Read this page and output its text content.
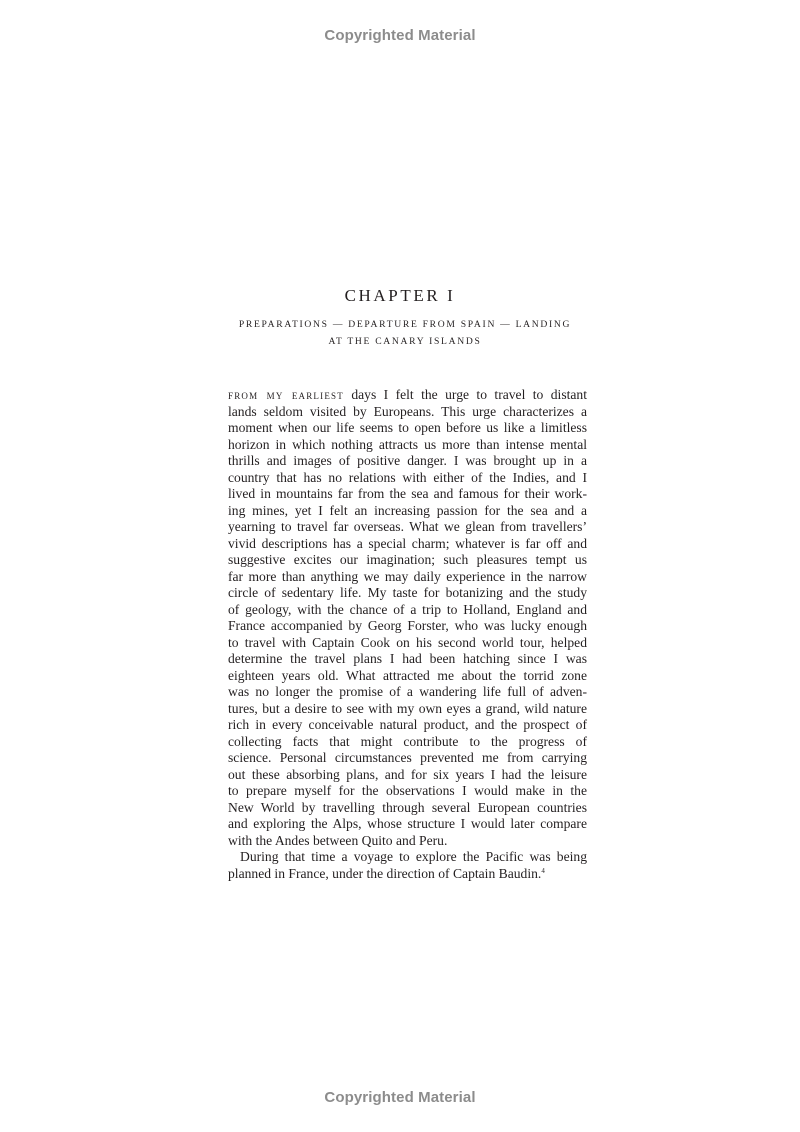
Copyrighted Material
CHAPTER I
PREPARATIONS — DEPARTURE FROM SPAIN — LANDING
AT THE CANARY ISLANDS
from my earliest days I felt the urge to travel to distant
lands seldom visited by Europeans. This urge characterizes a
moment when our life seems to open before us like a limitless
horizon in which nothing attracts us more than intense mental
thrills and images of positive danger. I was brought up in a
country that has no relations with either of the Indies, and I
lived in mountains far from the sea and famous for their work-
ing mines, yet I felt an increasing passion for the sea and a
yearning to travel far overseas. What we glean from travellers’
vivid descriptions has a special charm; whatever is far off and
suggestive excites our imagination; such pleasures tempt us
far more than anything we may daily experience in the narrow
circle of sedentary life. My taste for botanizing and the study
of geology, with the chance of a trip to Holland, England and
France accompanied by Georg Forster, who was lucky enough
to travel with Captain Cook on his second world tour, helped
determine the travel plans I had been hatching since I was
eighteen years old. What attracted me about the torrid zone
was no longer the promise of a wandering life full of adven-
tures, but a desire to see with my own eyes a grand, wild nature
rich in every conceivable natural product, and the prospect of
collecting facts that might contribute to the progress of
science. Personal circumstances prevented me from carrying
out these absorbing plans, and for six years I had the leisure
to prepare myself for the observations I would make in the
New World by travelling through several European countries
and exploring the Alps, whose structure I would later compare
with the Andes between Quito and Peru.
During that time a voyage to explore the Pacific was being
planned in France, under the direction of Captain Baudin.$^4$
Copyrighted Material
